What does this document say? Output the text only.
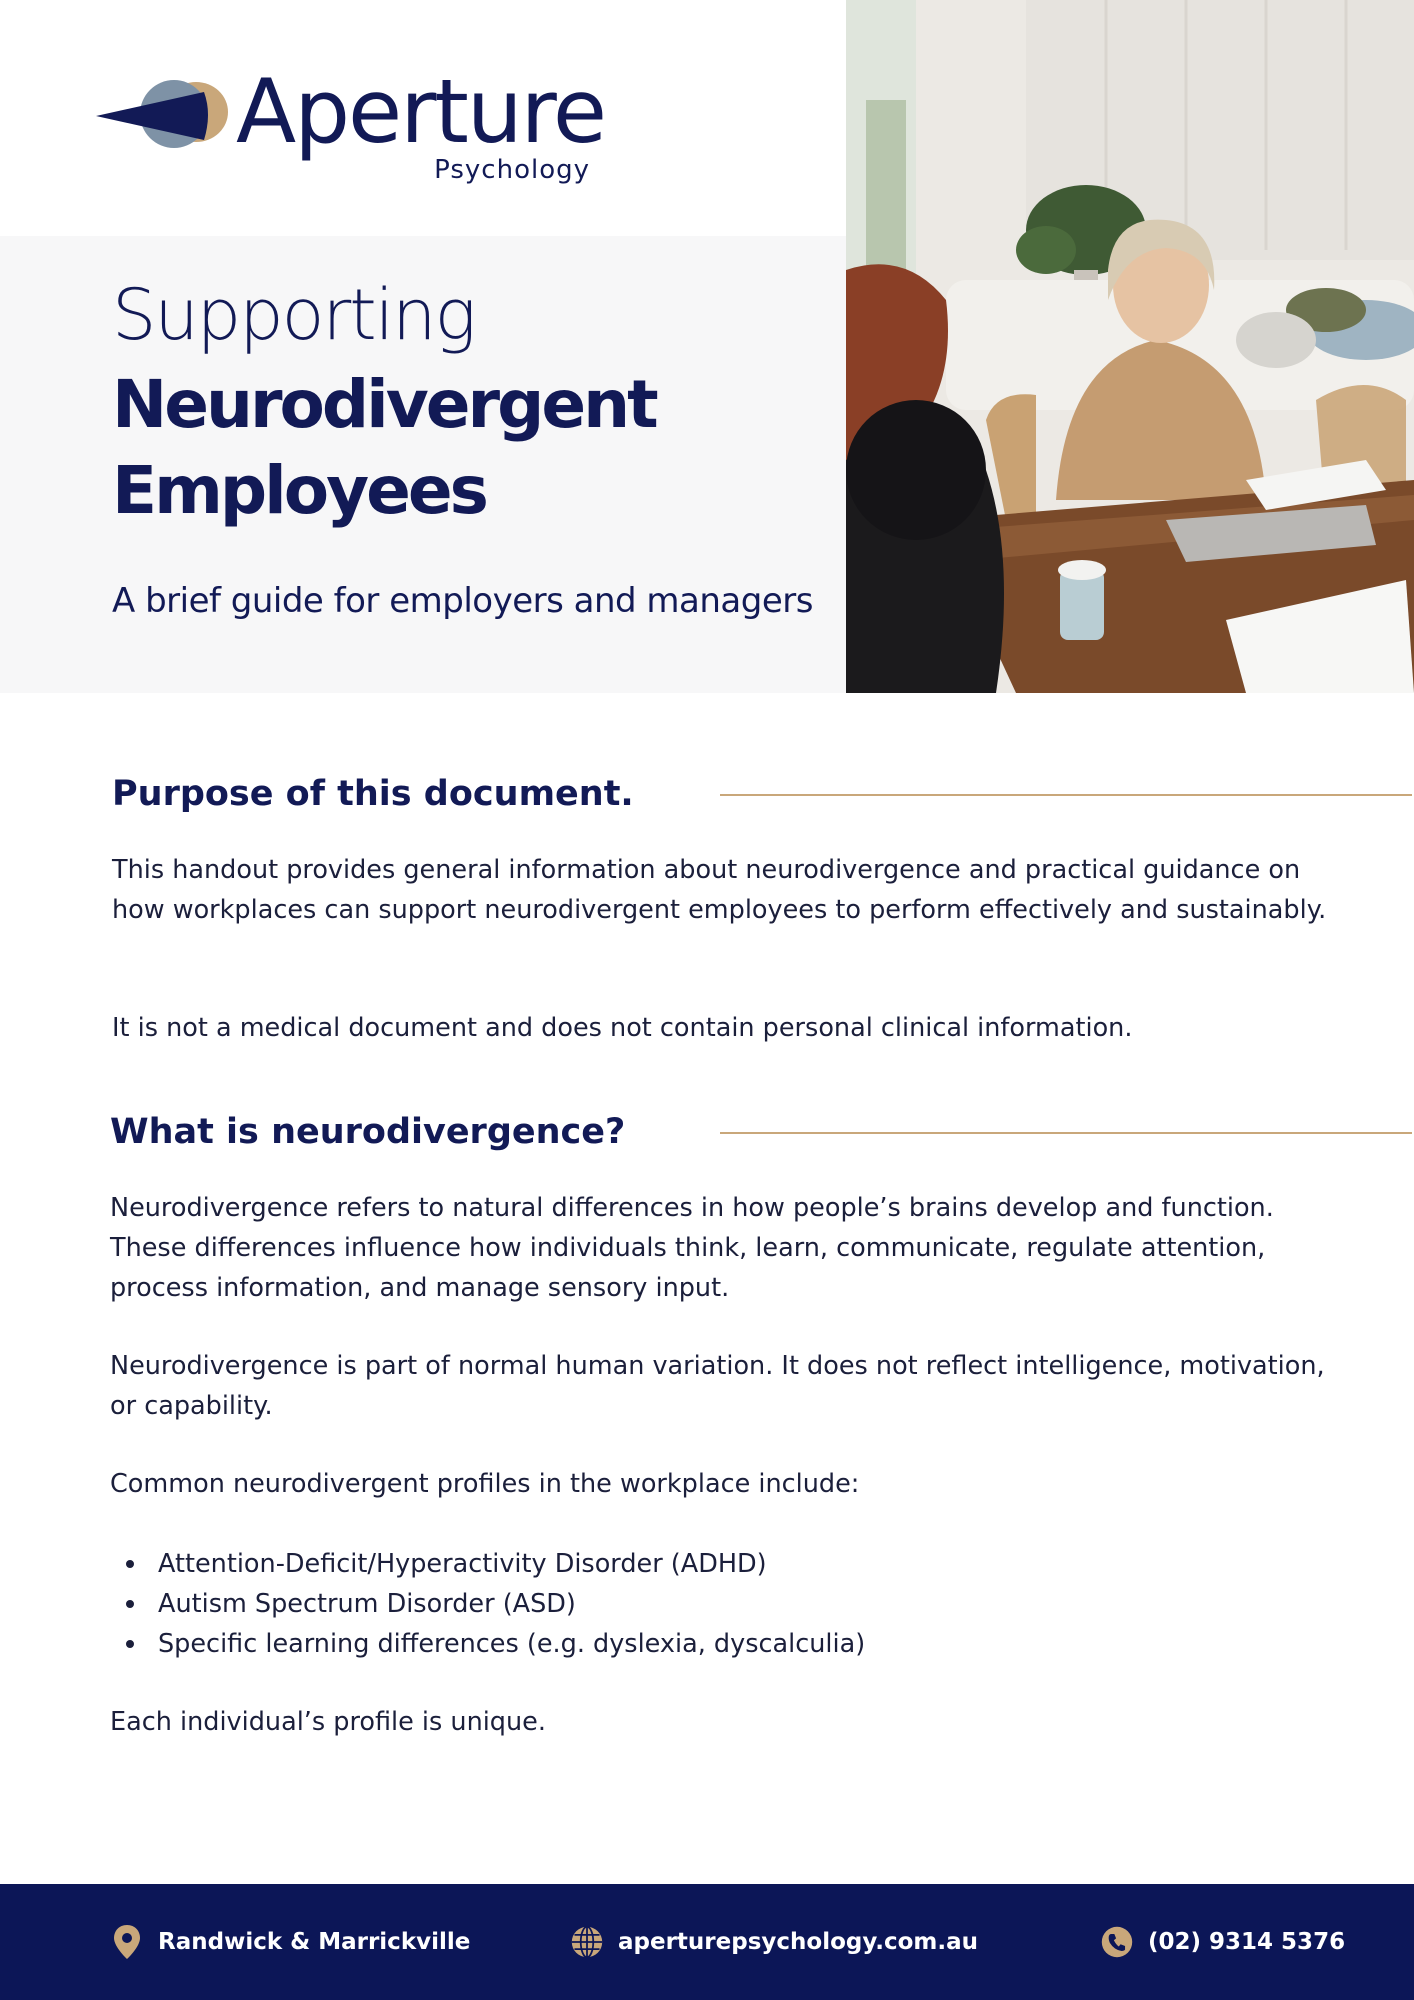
Aperture
Psychology
Supporting
Neurodivergent
Employees
A brief guide for employers and managers
Purpose of this document.
This handout provides general information about neurodivergence and practical guidance on how workplaces can support neurodivergent employees to perform effectively and sustainably.
It is not a medical document and does not contain personal clinical information.
What is neurodivergence?
Neurodivergence refers to natural differences in how people’s brains develop and function. These differences influence how individuals think, learn, communicate, regulate attention, process information, and manage sensory input.
Neurodivergence is part of normal human variation. It does not reflect intelligence, motivation, or capability.
Common neurodivergent profiles in the workplace include:
Attention-Deficit/Hyperactivity Disorder (ADHD)
Autism Spectrum Disorder (ASD)
Specific learning differences (e.g. dyslexia, dyscalculia)
Each individual’s profile is unique.
Randwick & Marrickville	aperturepsychology.com.au	(02) 9314 5376
